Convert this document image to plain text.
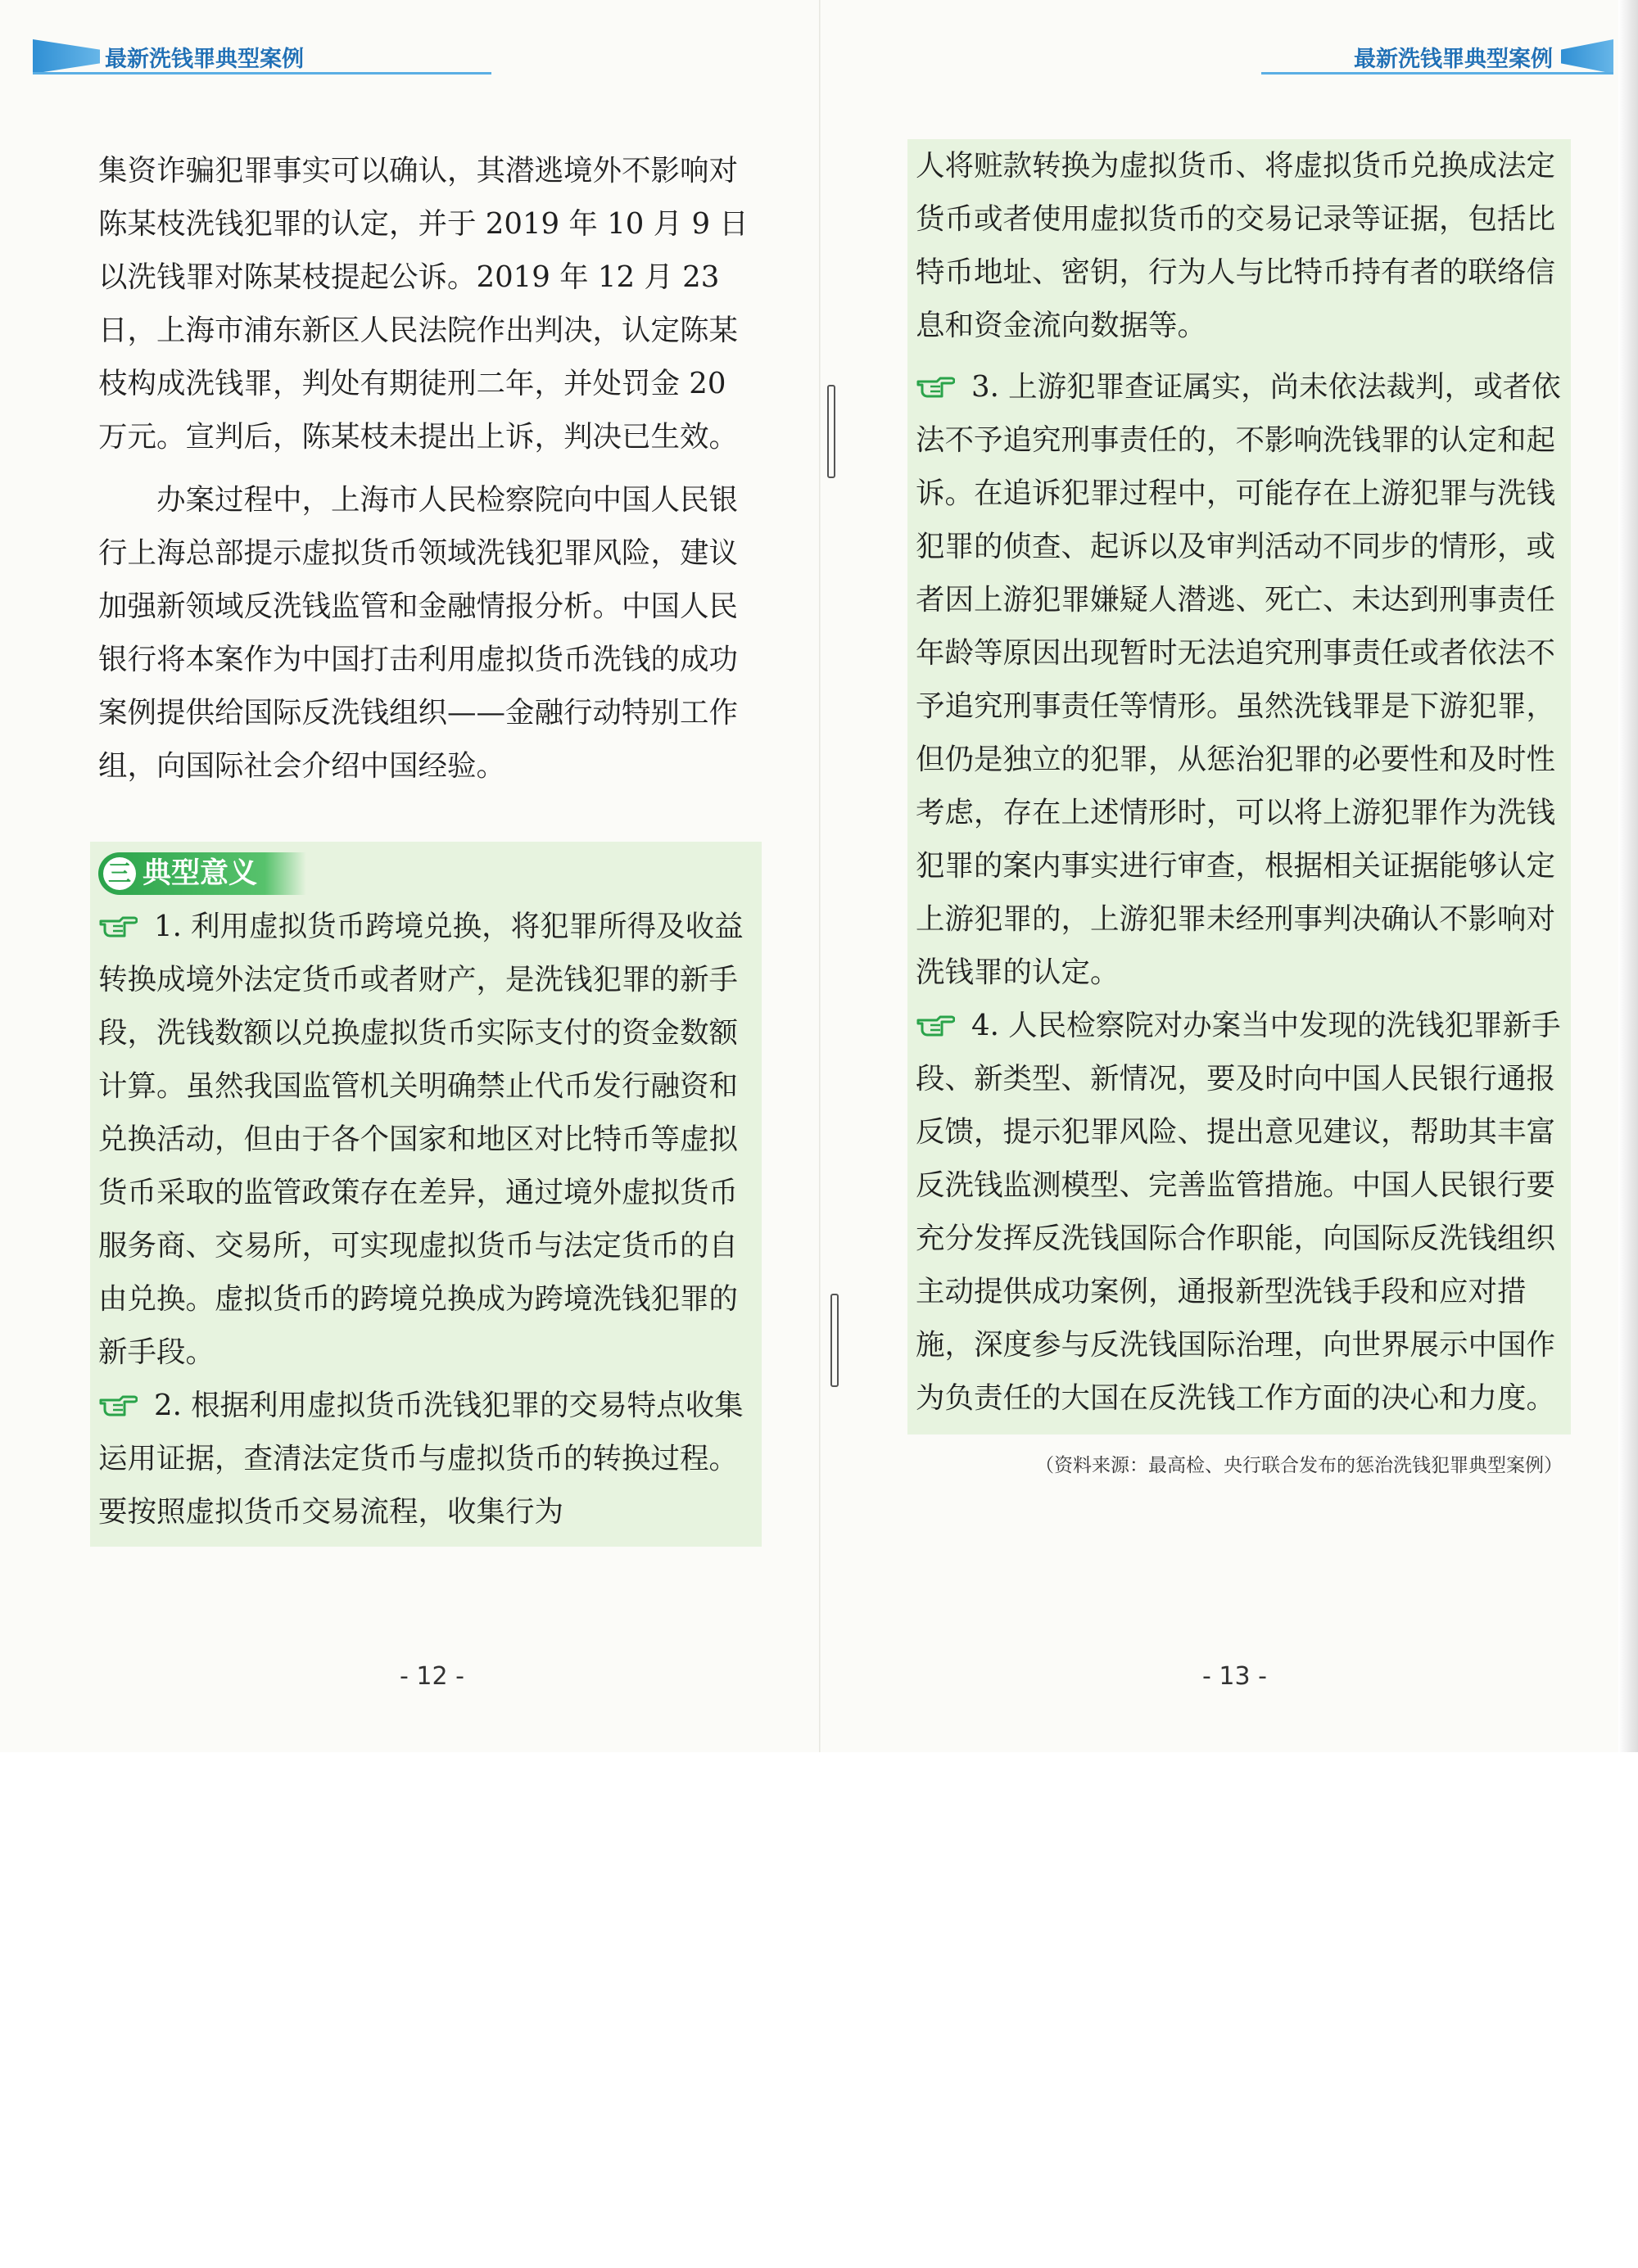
最新洗钱罪典型案例	最新洗钱罪典型案例

集资诈骗犯罪事实可以确认，其潜逃境外不影响对陈某枝洗钱犯罪的认定，并于 2019 年 10 月 9 日以洗钱罪对陈某枝提起公诉。2019 年 12 月 23 日，上海市浦东新区人民法院作出判决，认定陈某枝构成洗钱罪，判处有期徒刑二年，并处罚金 20 万元。宣判后，陈某枝未提出上诉，判决已生效。

办案过程中，上海市人民检察院向中国人民银行上海总部提示虚拟货币领域洗钱犯罪风险，建议加强新领域反洗钱监管和金融情报分析。中国人民银行将本案作为中国打击利用虚拟货币洗钱的成功案例提供给国际反洗钱组织——金融行动特别工作组，向国际社会介绍中国经验。

三 典型意义

1. 利用虚拟货币跨境兑换，将犯罪所得及收益转换成境外法定货币或者财产，是洗钱犯罪的新手段，洗钱数额以兑换虚拟货币实际支付的资金数额计算。虽然我国监管机关明确禁止代币发行融资和兑换活动，但由于各个国家和地区对比特币等虚拟货币采取的监管政策存在差异，通过境外虚拟货币服务商、交易所，可实现虚拟货币与法定货币的自由兑换。虚拟货币的跨境兑换成为跨境洗钱犯罪的新手段。

2. 根据利用虚拟货币洗钱犯罪的交易特点收集运用证据，查清法定货币与虚拟货币的转换过程。要按照虚拟货币交易流程，收集行为

- 12 -

人将赃款转换为虚拟货币、将虚拟货币兑换成法定货币或者使用虚拟货币的交易记录等证据，包括比特币地址、密钥，行为人与比特币持有者的联络信息和资金流向数据等。

3. 上游犯罪查证属实，尚未依法裁判，或者依法不予追究刑事责任的，不影响洗钱罪的认定和起诉。在追诉犯罪过程中，可能存在上游犯罪与洗钱犯罪的侦查、起诉以及审判活动不同步的情形，或者因上游犯罪嫌疑人潜逃、死亡、未达到刑事责任年龄等原因出现暂时无法追究刑事责任或者依法不予追究刑事责任等情形。虽然洗钱罪是下游犯罪，但仍是独立的犯罪，从惩治犯罪的必要性和及时性考虑，存在上述情形时，可以将上游犯罪作为洗钱犯罪的案内事实进行审查，根据相关证据能够认定上游犯罪的，上游犯罪未经刑事判决确认不影响对洗钱罪的认定。

4. 人民检察院对办案当中发现的洗钱犯罪新手段、新类型、新情况，要及时向中国人民银行通报反馈，提示犯罪风险、提出意见建议，帮助其丰富反洗钱监测模型、完善监管措施。中国人民银行要充分发挥反洗钱国际合作职能，向国际反洗钱组织主动提供成功案例，通报新型洗钱手段和应对措施，深度参与反洗钱国际治理，向世界展示中国作为负责任的大国在反洗钱工作方面的决心和力度。

（资料来源：最高检、央行联合发布的惩治洗钱犯罪典型案例）

- 13 -
